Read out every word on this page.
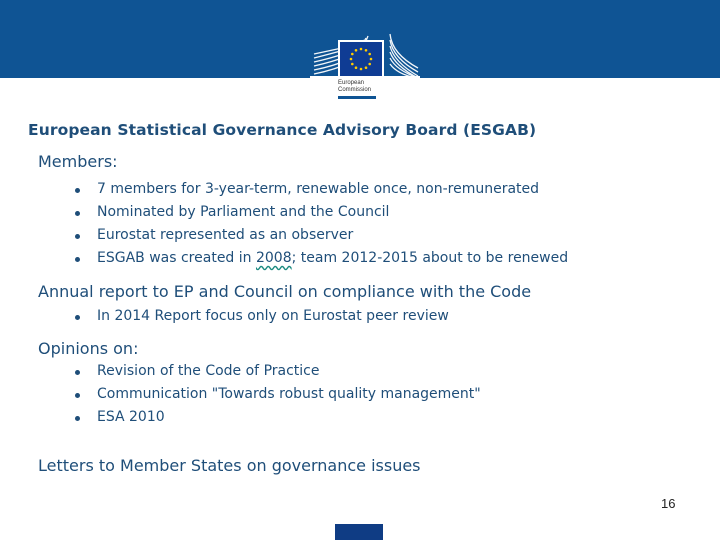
European
Commission
European Statistical Governance Advisory Board (ESGAB)
Members:
7 members for 3-year-term, renewable once, non-remunerated
Nominated by Parliament and the Council
Eurostat represented as an observer
ESGAB was created in 2008; team 2012-2015 about to be renewed
Annual report to EP and Council on compliance with the Code
In 2014 Report focus only on Eurostat peer review
Opinions on:
Revision of the Code of Practice
Communication "Towards robust quality management"
ESA 2010
Letters to Member States on governance issues
16
